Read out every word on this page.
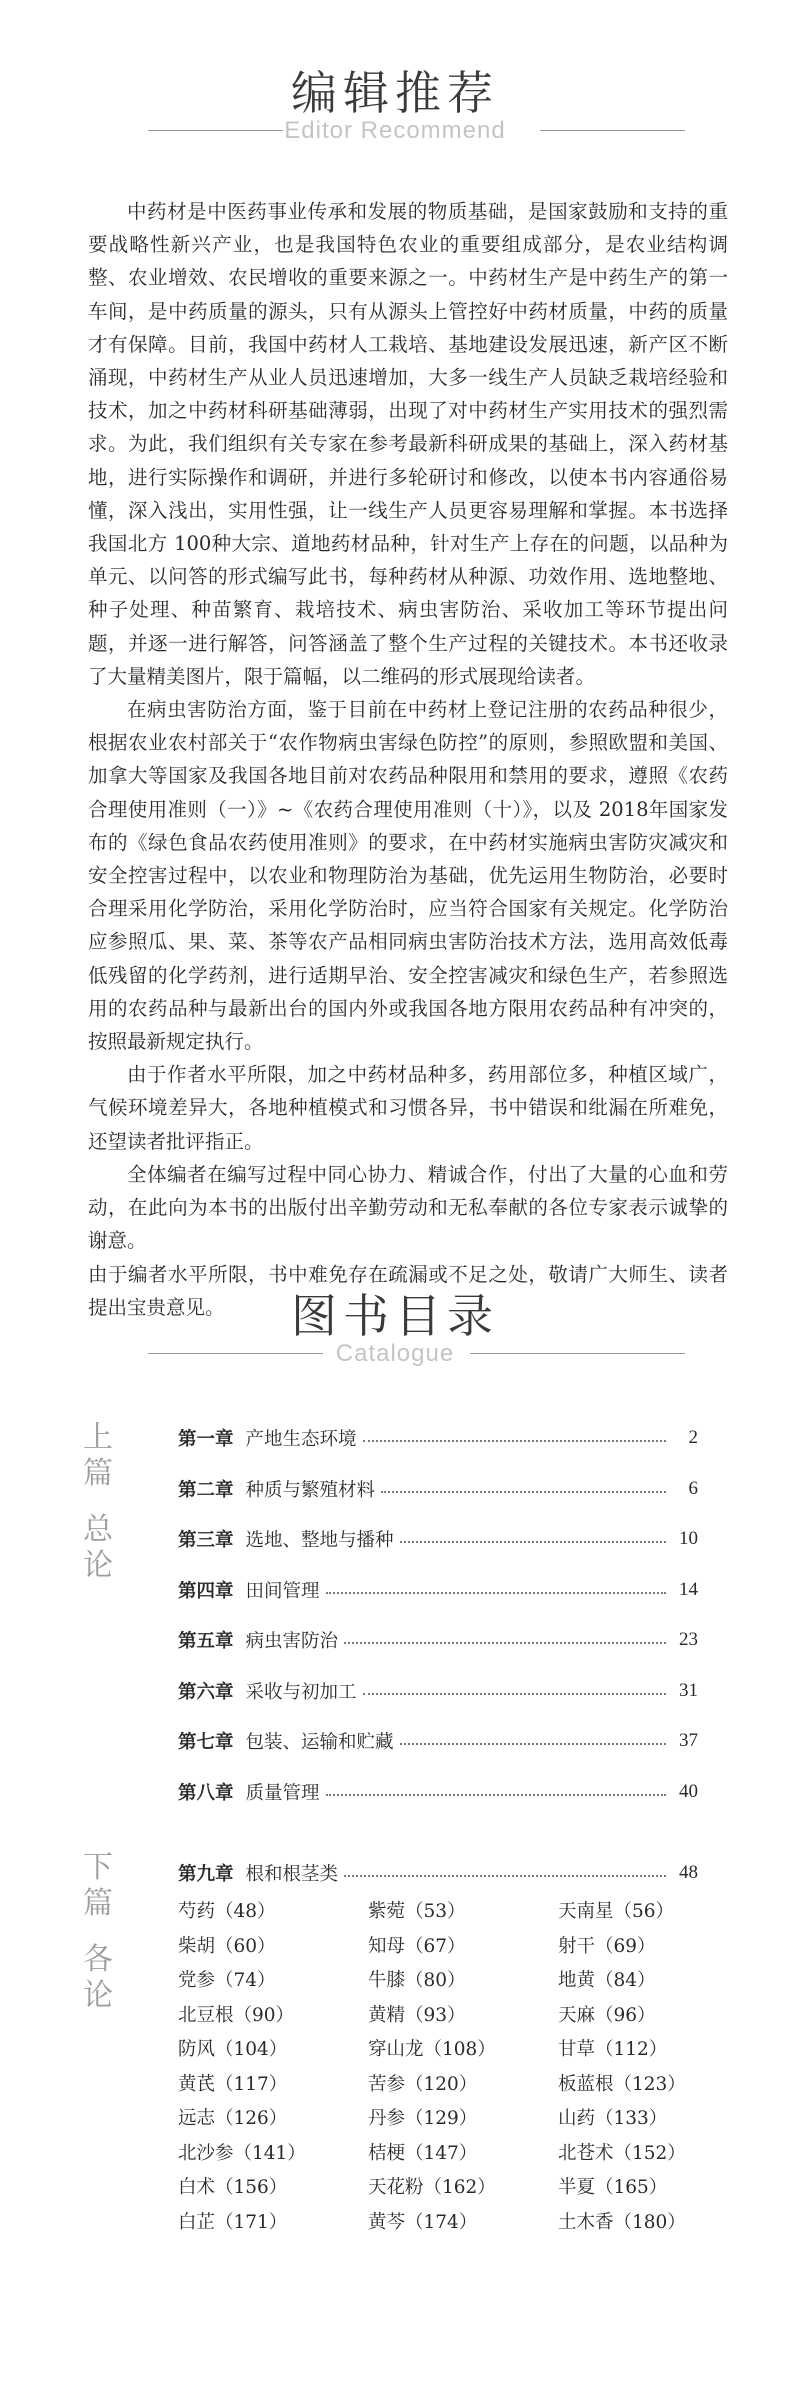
编辑推荐
Editor Recommend

中药材是中医药事业传承和发展的物质基础，是国家鼓励和支持的重要战略性新兴产业，也是我国特色农业的重要组成部分，是农业结构调整、农业增效、农民增收的重要来源之一。中药材生产是中药生产的第一车间，是中药质量的源头，只有从源头上管控好中药材质量，中药的质量才有保障。目前，我国中药材人工栽培、基地建设发展迅速，新产区不断涌现，中药材生产从业人员迅速增加，大多一线生产人员缺乏栽培经验和技术，加之中药材科研基础薄弱，出现了对中药材生产实用技术的强烈需求。为此，我们组织有关专家在参考最新科研成果的基础上，深入药材基地，进行实际操作和调研，并进行多轮研讨和修改，以使本书内容通俗易懂，深入浅出，实用性强，让一线生产人员更容易理解和掌握。本书选择我国北方 100种大宗、道地药材品种，针对生产上存在的问题，以品种为单元、以问答的形式编写此书，每种药材从种源、功效作用、选地整地、种子处理、种苗繁育、栽培技术、病虫害防治、采收加工等环节提出问题，并逐一进行解答，问答涵盖了整个生产过程的关键技术。本书还收录了大量精美图片，限于篇幅，以二维码的形式展现给读者。

在病虫害防治方面，鉴于目前在中药材上登记注册的农药品种很少，根据农业农村部关于“农作物病虫害绿色防控”的原则，参照欧盟和美国、加拿大等国家及我国各地目前对农药品种限用和禁用的要求，遵照《农药合理使用准则（一）》~《农药合理使用准则（十）》，以及 2018年国家发布的《绿色食品农药使用准则》的要求，在中药材实施病虫害防灾减灾和安全控害过程中，以农业和物理防治为基础，优先运用生物防治，必要时合理采用化学防治，采用化学防治时，应当符合国家有关规定。化学防治应参照瓜、果、菜、茶等农产品相同病虫害防治技术方法，选用高效低毒低残留的化学药剂，进行适期早治、安全控害减灾和绿色生产，若参照选用的农药品种与最新出台的国内外或我国各地方限用农药品种有冲突的，按照最新规定执行。

由于作者水平所限，加之中药材品种多，药用部位多，种植区域广，气候环境差异大，各地种植模式和习惯各异，书中错误和纰漏在所难免，还望读者批评指正。

全体编者在编写过程中同心协力、精诚合作，付出了大量的心血和劳动，在此向为本书的出版付出辛勤劳动和无私奉献的各位专家表示诚挚的谢意。

由于编者水平所限，书中难免存在疏漏或不足之处，敬请广大师生、读者提出宝贵意见。	图书目录
Catalogue
上
篇
总
论
第一章 产地生态环境	2
第二章 种质与繁殖材料	6
第三章 选地、整地与播种	10
第四章 田间管理	14
第五章 病虫害防治	23
第六章 采收与初加工	31
第七章 包装、运输和贮藏	37
第八章 质量管理	40
下
篇
各
论
第九章 根和根茎类	48
芍药（48）	紫菀（53）	天南星（56）
柴胡（60）	知母（67）	射干（69）
党参（74）	牛膝（80）	地黄（84）
北豆根（90）	黄精（93）	天麻（96）
防风（104）	穿山龙（108）	甘草（112）
黄芪（117）	苦参（120）	板蓝根（123）
远志（126）	丹参（129）	山药（133）
北沙参（141）	桔梗（147）	北苍术（152）
白术（156）	天花粉（162）	半夏（165）
白芷（171）	黄芩（174）	土木香（180）
